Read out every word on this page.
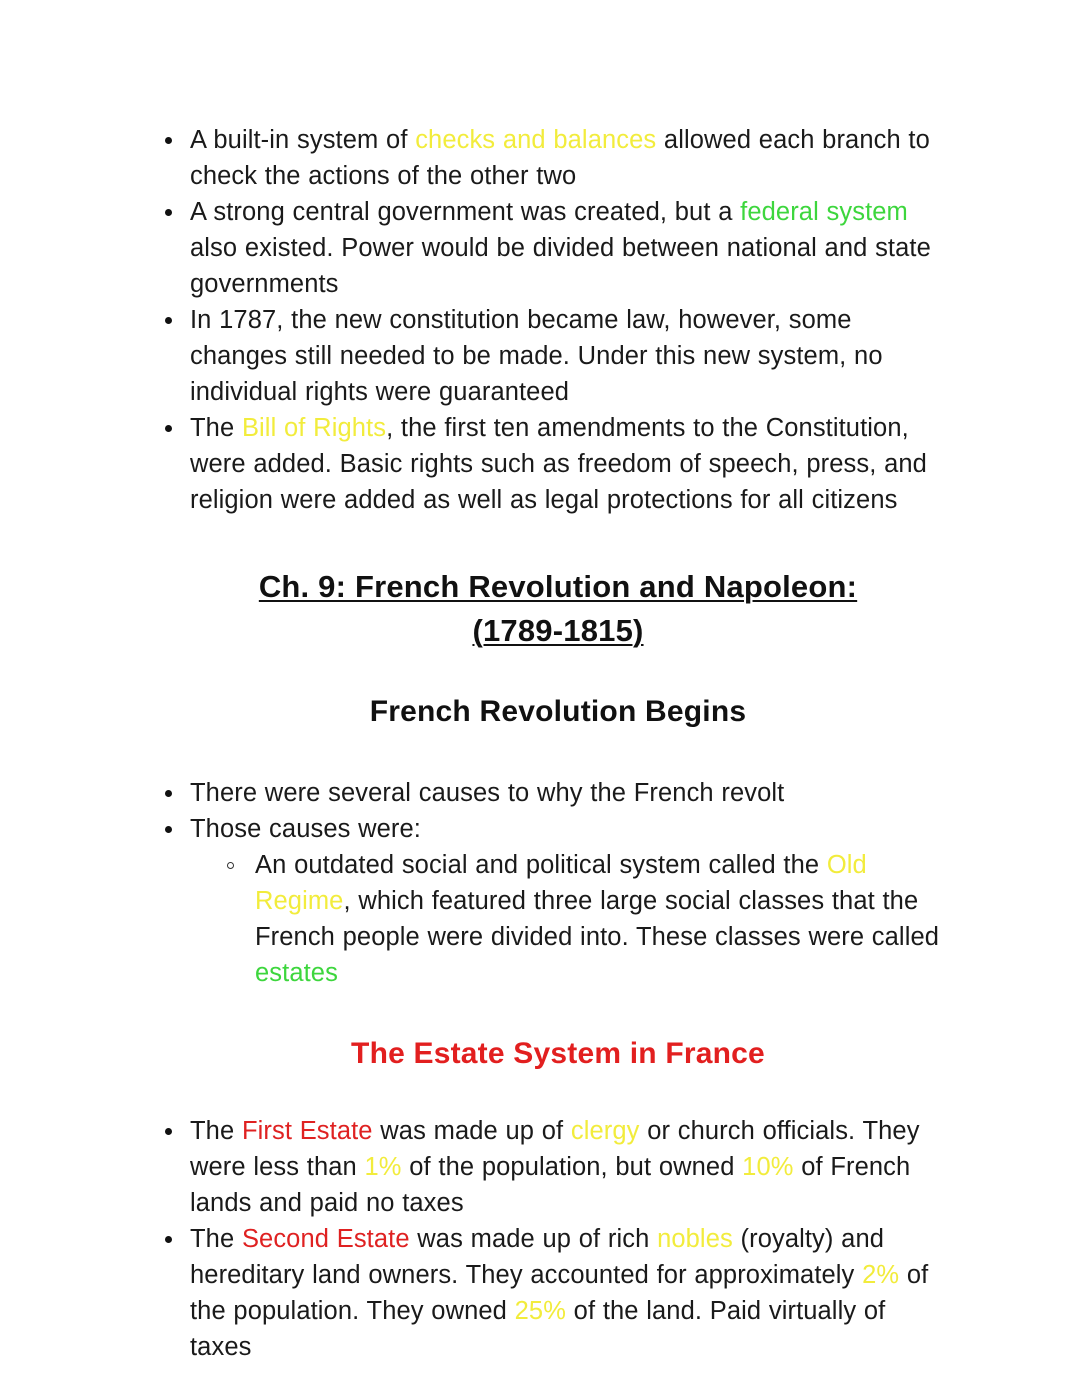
A built-in system of checks and balances allowed each branch to check the actions of the other two
A strong central government was created, but a federal system also existed. Power would be divided between national and state governments
In 1787, the new constitution became law, however, some changes still needed to be made. Under this new system, no individual rights were guaranteed
The Bill of Rights, the first ten amendments to the Constitution, were added. Basic rights such as freedom of speech, press, and religion were added as well as legal protections for all citizens
Ch. 9: French Revolution and Napoleon:
(1789-1815)
French Revolution Begins
There were several causes to why the French revolt
Those causes were:
An outdated social and political system called the Old Regime, which featured three large social classes that the French people were divided into. These classes were called estates
The Estate System in France
The First Estate was made up of clergy or church officials. They were less than 1% of the population, but owned 10% of French lands and paid no taxes
The Second Estate was made up of rich nobles (royalty) and hereditary land owners. They accounted for approximately 2% of the population. They owned 25% of the land. Paid virtually of taxes
